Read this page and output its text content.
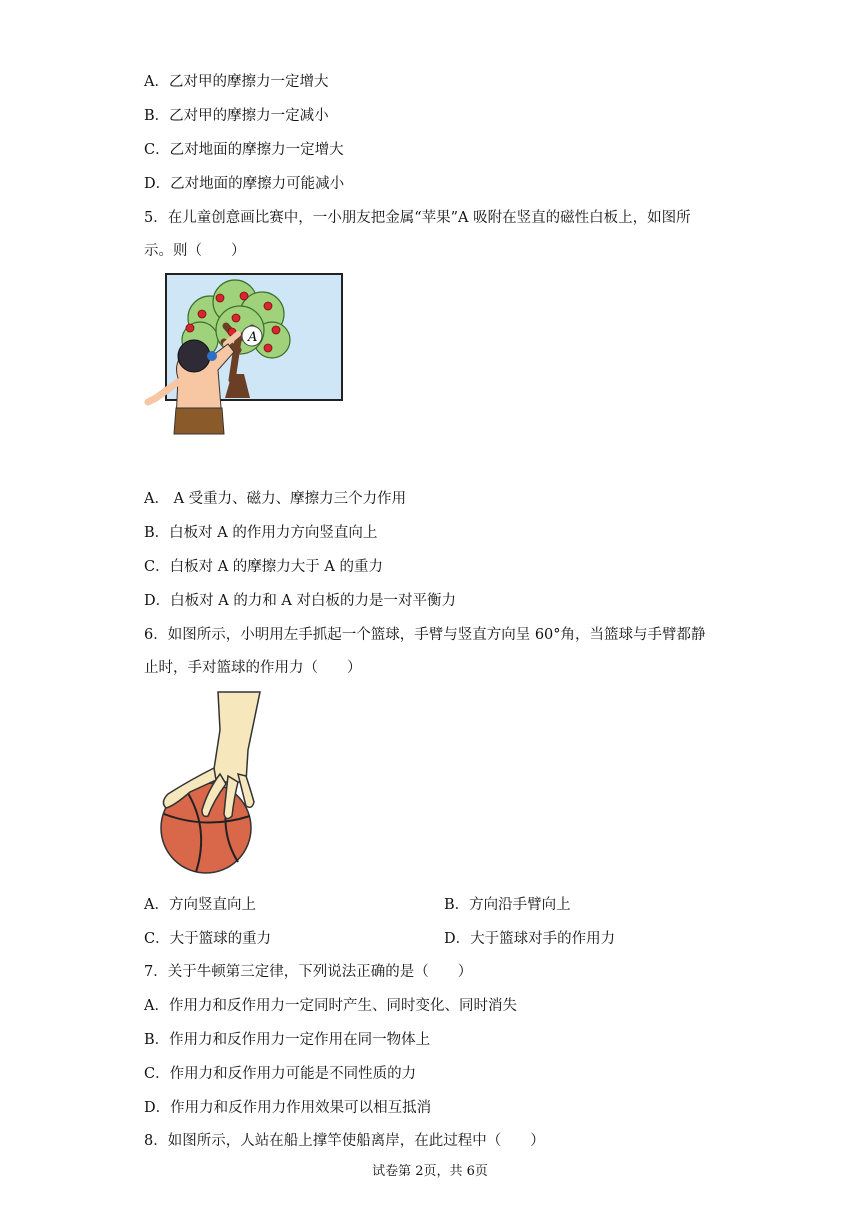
A．乙对甲的摩擦力一定增大
B．乙对甲的摩擦力一定减小
C．乙对地面的摩擦力一定增大
D．乙对地面的摩擦力可能减小
5．在儿童创意画比赛中，一小朋友把金属“苹果”A 吸附在竖直的磁性白板上，如图所
示。则（　　）
A
A． A 受重力、磁力、摩擦力三个力作用
B．白板对 A 的作用力方向竖直向上
C．白板对 A 的摩擦力大于 A 的重力
D．白板对 A 的力和 A 对白板的力是一对平衡力
6．如图所示，小明用左手抓起一个篮球，手臂与竖直方向呈 60°角，当篮球与手臂都静
止时，手对篮球的作用力（　　）
A．方向竖直向上	B．方向沿手臂向上
C．大于篮球的重力	D．大于篮球对手的作用力
7．关于牛顿第三定律，下列说法正确的是（　　）
A．作用力和反作用力一定同时产生、同时变化、同时消失
B．作用力和反作用力一定作用在同一物体上
C．作用力和反作用力可能是不同性质的力
D．作用力和反作用力作用效果可以相互抵消
8．如图所示，人站在船上撑竿使船离岸，在此过程中（　　）
试卷第 2页，共 6页
